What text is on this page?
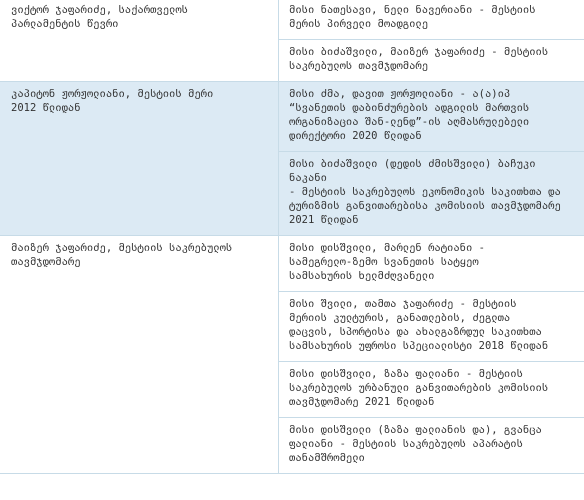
ვიქტორ ჯაფარიძე, საქართველოს
პარლამენტის წევრი
მისი ნათესავი, ნელი ნავერიანი - მესტიის
მერის პირველი მოადგილე
მისი ბიძაშვილი, მაიზერ ჯაფარიძე - მესტიის
საკრებულოს თავმჯდომარე
კაპიტონ ჟორჟოლიანი, მესტიის მერი
2012 წლიდან
მისი ძმა, დავით ჟორჟოლიანი - ა(ა)იპ
“სვანეთის დაბინძურების ადგილის მართვის
ორგანიზაცია შან-ლენდ”-ის აღმასრულებელი
დირექტორი 2020 წლიდან
მისი ბიძაშვილი (დედის ძმისშვილი) ბაჩუკი ნაკანი
- მესტიის საკრებულოს ეკონომიკის საკითხთა და
ტურიზმის განვითარებისა კომისიის თავმჯდომარე
2021 წლიდან
მაიზერ ჯაფარიძე, მესტიის საკრებულოს
თავმჯდომარე
მისი დისშვილი, მარლენ რატიანი -
სამეგრელო-ზემო სვანეთის სატყეო
სამსახურის ხელმძღვანელი
მისი შვილი, თამთა ჯაფარიძე - მესტიის
მერიის კულტურის, განათლების, ძეგლთა
დაცვის, სპორტისა და ახალგაზრდულ საკითხთა
სამსახურის უფროსი სპეციალისტი 2018 წლიდან
მისი დისშვილი, ზაზა ფალიანი - მესტიის
საკრებულოს ურბანული განვითარების კომისიის
თავმჯდომარე 2021 წლიდან
მისი დისშვილი (ზაზა ფალიანის და), გვანცა
ფალიანი - მესტიის საკრებულოს აპარატის
თანამშრომელი
